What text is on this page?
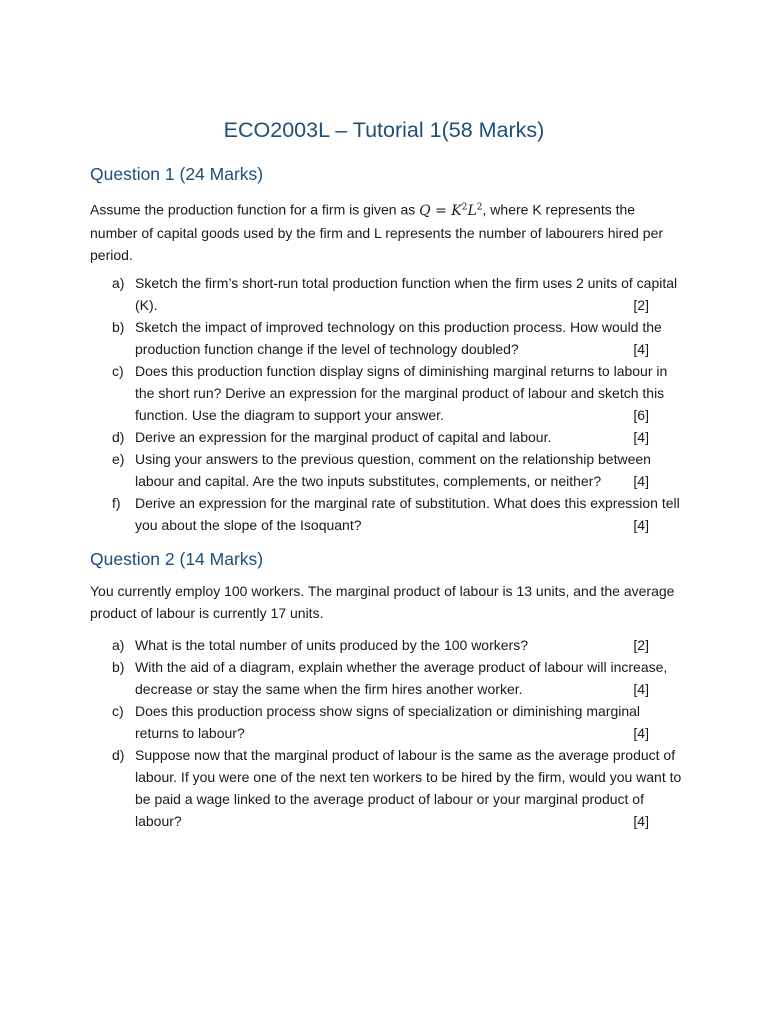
ECO2003L – Tutorial 1(58 Marks)
Question 1 (24 Marks)

Assume the production function for a firm is given as $Q = K^2L^2$, where K represents the number of capital goods used by the firm and L represents the number of labourers hired per period.

a) Sketch the firm’s short-run total production function when the firm uses 2 units of capital (K).	[2]
b) Sketch the impact of improved technology on this production process. How would the production function change if the level of technology doubled?	[4]
c) Does this production function display signs of diminishing marginal returns to labour in the short run? Derive an expression for the marginal product of labour and sketch this function. Use the diagram to support your answer.	[6]
d) Derive an expression for the marginal product of capital and labour.	[4]
e) Using your answers to the previous question, comment on the relationship between labour and capital. Are the two inputs substitutes, complements, or neither? [4]
f) Derive an expression for the marginal rate of substitution. What does this expression tell you about the slope of the Isoquant?	[4]
Question 2 (14 Marks)

You currently employ 100 workers. The marginal product of labour is 13 units, and the average product of labour is currently 17 units.

a) What is the total number of units produced by the 100 workers?	[2]
b) With the aid of a diagram, explain whether the average product of labour will increase, decrease or stay the same when the firm hires another worker.	[4]
c) Does this production process show signs of specialization or diminishing marginal returns to labour?	[4]
d) Suppose now that the marginal product of labour is the same as the average product of labour. If you were one of the next ten workers to be hired by the firm, would you want to be paid a wage linked to the average product of labour or your marginal product of labour?	[4]
